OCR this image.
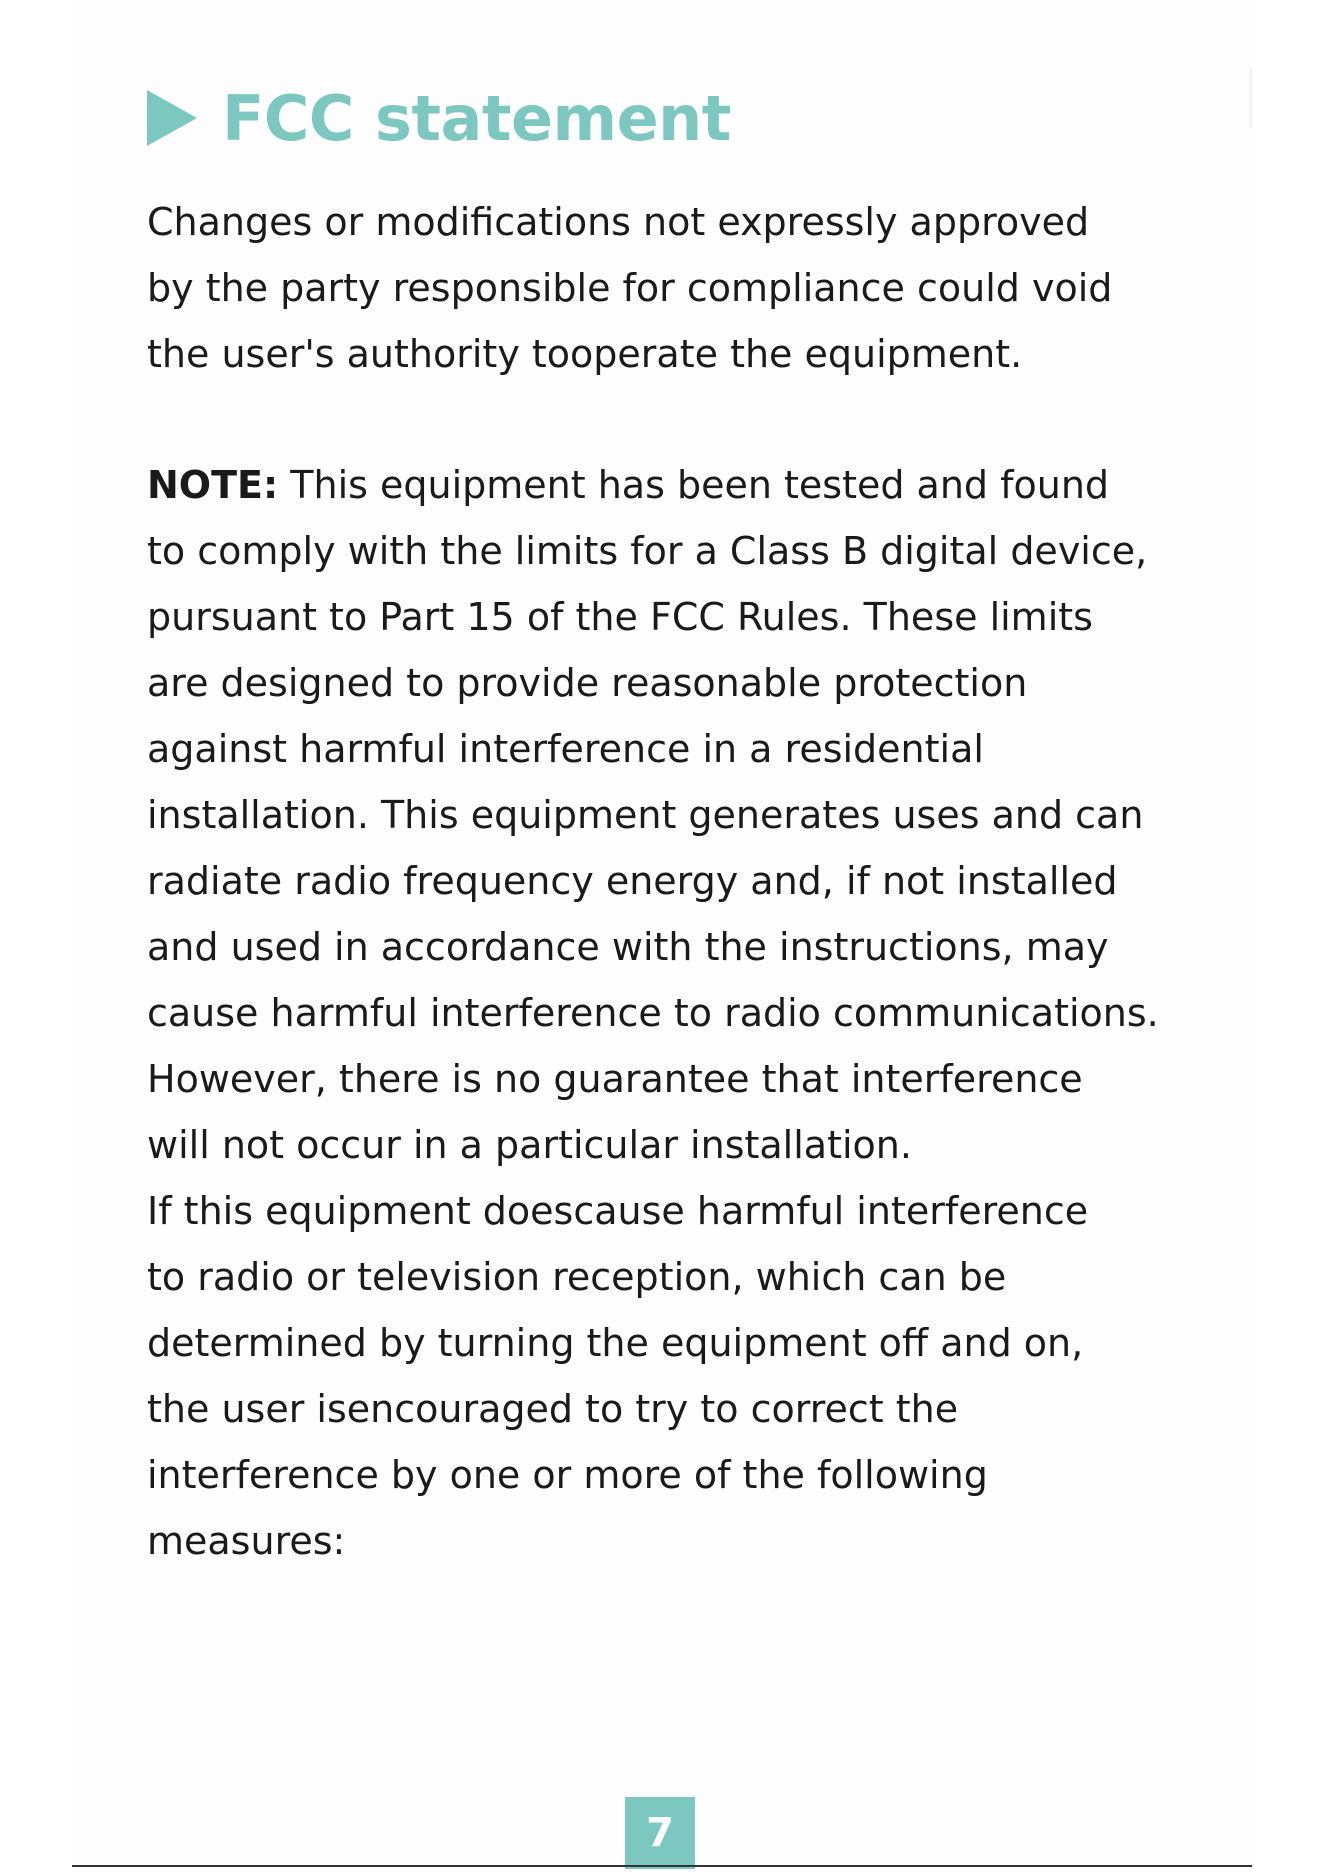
FCC statement
Changes or modifications not expressly approved
by the party responsible for compliance could void
the user's authority tooperate the equipment.
NOTE: This equipment has been tested and found
to comply with the limits for a Class B digital device,
pursuant to Part 15 of the FCC Rules. These limits
are designed to provide reasonable protection
against harmful interference in a residential
installation. This equipment generates uses and can
radiate radio frequency energy and, if not installed
and used in accordance with the instructions, may
cause harmful interference to radio communications.
However, there is no guarantee that interference
will not occur in a particular installation.
If this equipment doescause harmful interference
to radio or television reception, which can be
determined by turning the equipment off and on,
the user isencouraged to try to correct the
interference by one or more of the following
measures:
7
